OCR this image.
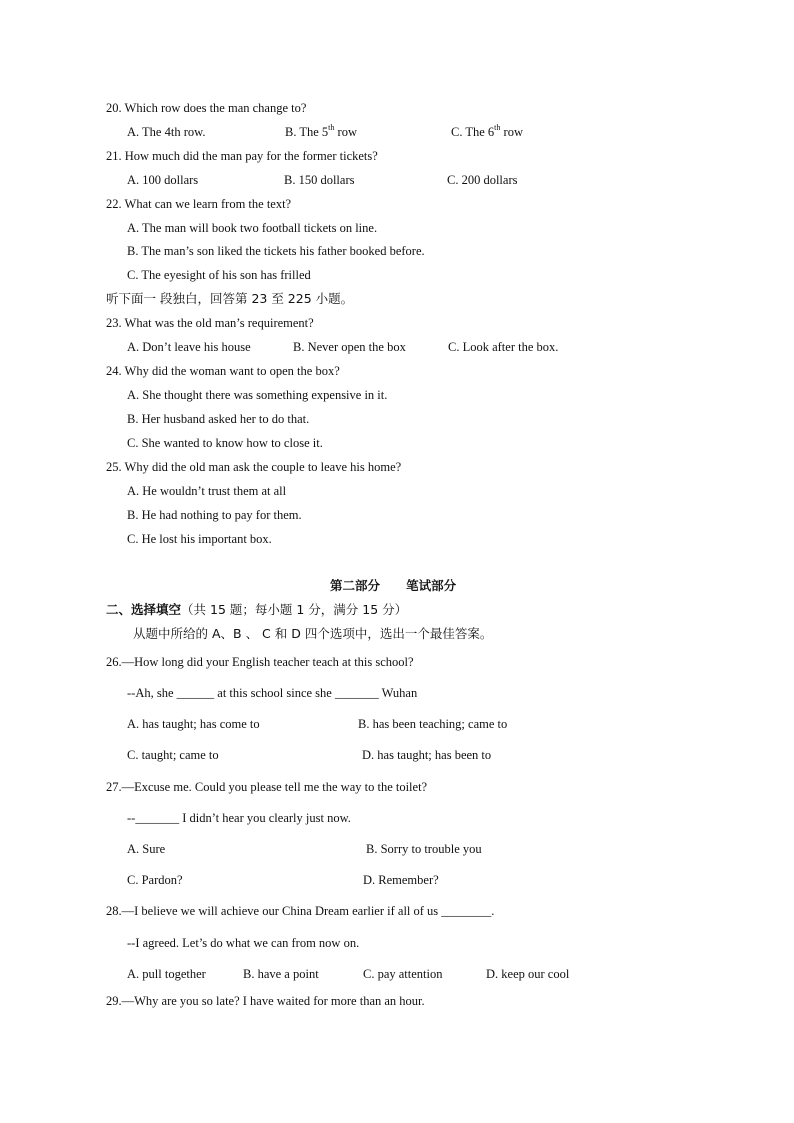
20. Which row does the man change to?
A. The 4th row.	B. The 5th row	C. The 6th row
21. How much did the man pay for the former tickets?
A. 100 dollars	B. 150 dollars	C. 200 dollars
22. What can we learn from the text?
A. The man will book two football tickets on line.
B. The man’s son liked the tickets his father booked before.
C. The eyesight of his son has frilled
听下面一 段独白，回答第 23 至 225 小题。
23. What was the old man’s requirement?
A. Don’t leave his house	B. Never open the box	C. Look after the box.
24. Why did the woman want to open the box?
A. She thought there was something expensive in it.
B. Her husband asked her to do that.
C. She wanted to know how to close it.
25. Why did the old man ask the couple to leave his home?
A. He wouldn’t trust them at all
B. He had nothing to pay for them.
C. He lost his important box.
第二部分      笔试部分
二、选择填空（共 15 题；每小题 1 分，满分 15 分）
从题中所给的 A、B 、 C 和 D 四个选项中，选出一个最佳答案。
26.—How long did your English teacher teach at this school?
--Ah, she ______ at this school since she _______ Wuhan
A. has taught; has come to	B. has been teaching; came to
C. taught; came to	D. has taught; has been to
27.—Excuse me. Could you please tell me the way to the toilet?
--_______ I didn’t hear you clearly just now.
A. Sure	B. Sorry to trouble you
C. Pardon?	D. Remember?
28.—I believe we will achieve our China Dream earlier if all of us ________.
--I agreed. Let’s do what we can from now on.
A. pull together	B. have a point	C. pay attention	D. keep our cool
29.—Why are you so late? I have waited for more than an hour.
